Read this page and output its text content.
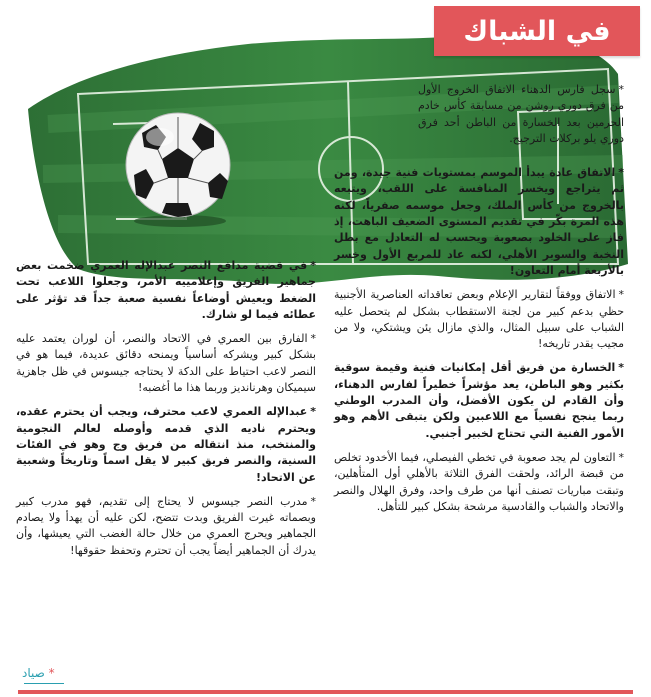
في الشباك

*سجل فارس الدهناء الاتفاق الخروج الأول من فرق دوري روشن من مسابقة كأس خادم الحرمين بعد الخسارة من الباطن أحد فرق دوري يلو بركلات الترجيح.

*الاتفاق عادة يبدأ الموسم بمستويات فنية جيدة، ومن ثم يتراجع ويخسر المنافسة على اللقب، ويتبعه بالخروج من كأس الملك، وجعل موسمه صفرياً، لكنه هذه المرة بكّر في تقديم المستوى الضعيف الباهت، إذ فاز على الخلود بصعوبة ويحسب له التعادل مع بطل النخبة والسوبر الأهلي، لكنه عاد للمربع الأول وخسر بالأربعة أمام التعاون!

*الاتفاق ووفقاً لتقارير الإعلام وبعض تعاقداته العناصرية الأجنبية حظي بدعم كبير من لجنة الاستقطاب بشكل لم يتحصل عليه الشباب على سبيل المثال، والذي مازال يئن ويشتكي، ولا من مجيب يقدر تاريخه!

*الخسارة من فريق أقل إمكانيات فنية وقيمة سوقية بكثير وهو الباطن، يعد مؤشراً خطيراً لفارس الدهناء، وأن القادم لن يكون الأفضل، وأن المدرب الوطني ربما ينجح نفسياً مع اللاعبين ولكن يتبقى الأهم وهو الأمور الفنية التي تحتاج لخبير أجنبي.

*التعاون لم يجد صعوبة في تخطي الفيصلي، فيما الأخدود تخلص من قبضة الرائد، ولحقت الفرق الثلاثة بالأهلي أول المتأهلين، وتبقت مباريات تصنف أنها من طرف واحد، وفرق الهلال والنصر والاتحاد والشباب والقادسية مرشحة بشكل كبير للتأهل.

*في قضية مدافع النصر عبدالإله العمري ضخمت بعض جماهير الفريق وإعلامييه الأمر، وجعلوا اللاعب تحت الضغط ويعيش أوضاعاً نفسية صعبة جداً قد تؤثر على عطائه فيما لو شارك.

*الفارق بين العمري في الاتحاد والنصر، أن لوران يعتمد عليه بشكل كبير ويشركه أساسياً ويمنحه دقائق عديدة، فيما هو في النصر لاعب احتياط على الدكة لا يحتاجه جيسوس في ظل جاهزية سيميكان وهرنانديز وربما هذا ما أغضبه!

*عبدالإله العمري لاعب محترف، ويجب أن يحترم عقده، ويحترم ناديه الذي قدمه وأوصله لعالم النجومية والمنتخب، منذ انتقاله من فريق وج وهو في الفئات السنية، والنصر فريق كبير لا يقل اسماً وتاريخاً وشعبية عن الاتحاد!

*مدرب النصر جيسوس لا يحتاج إلى تقديم، فهو مدرب كبير وبصماته غيرت الفريق وبدت تتضح، لكن عليه أن يهدأ ولا يصادم الجماهير ويحرج العمري من خلال حالة الغضب التي يعيشها، وأن يدرك أن الجماهير أيضاً يجب أن تحترم وتحفظ حقوقها!

* صياد
